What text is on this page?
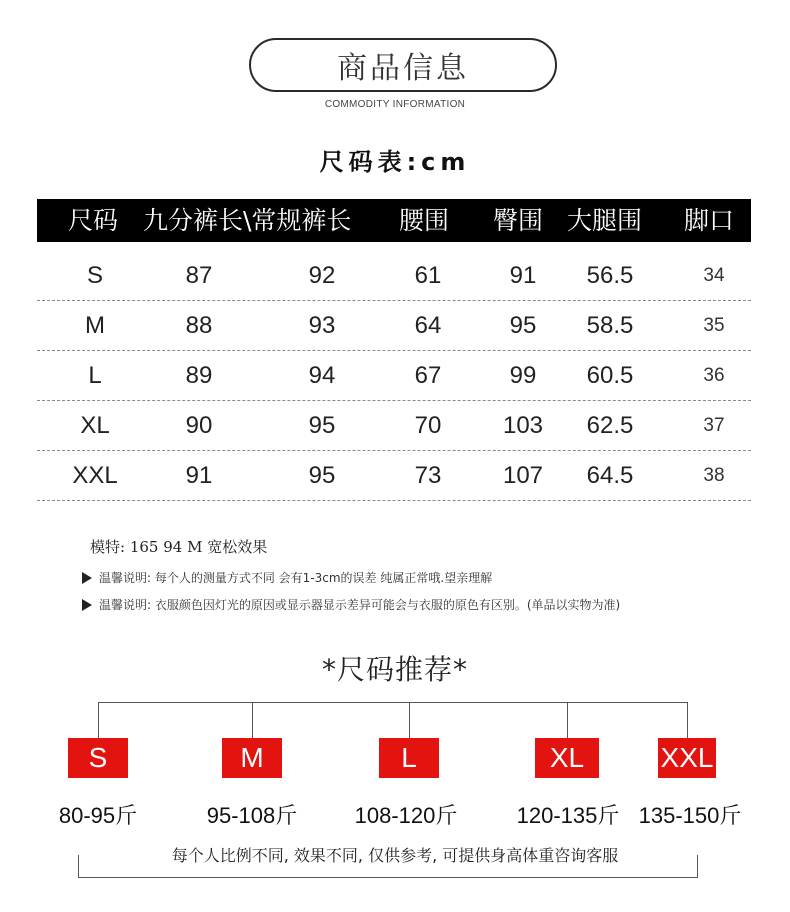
商品信息
COMMODITY INFORMATION
尺码表:cm
尺码 九分裤长\常规裤长 腰围 臀围 大腿围 脚口
S	87	92	61	91	56.5	34
M	88	93	64	95	58.5	35
L	89	94	67	99	60.5	36
XL	90	95	70	103	62.5	37
XXL	91	95	73	107	64.5	38
模特: 165 94 M 宽松效果
温馨说明: 每个人的测量方式不同 会有1-3cm的误差 纯属正常哦.望亲理解
温馨说明: 衣服颜色因灯光的原因或显示器显示差异可能会与衣服的原色有区别。(单品以实物为准)
*尺码推荐*
S
80-95斤
M
95-108斤
L
108-120斤
XL
120-135斤
XXL
135-150斤
每个人比例不同, 效果不同, 仅供参考, 可提供身高体重咨询客服
